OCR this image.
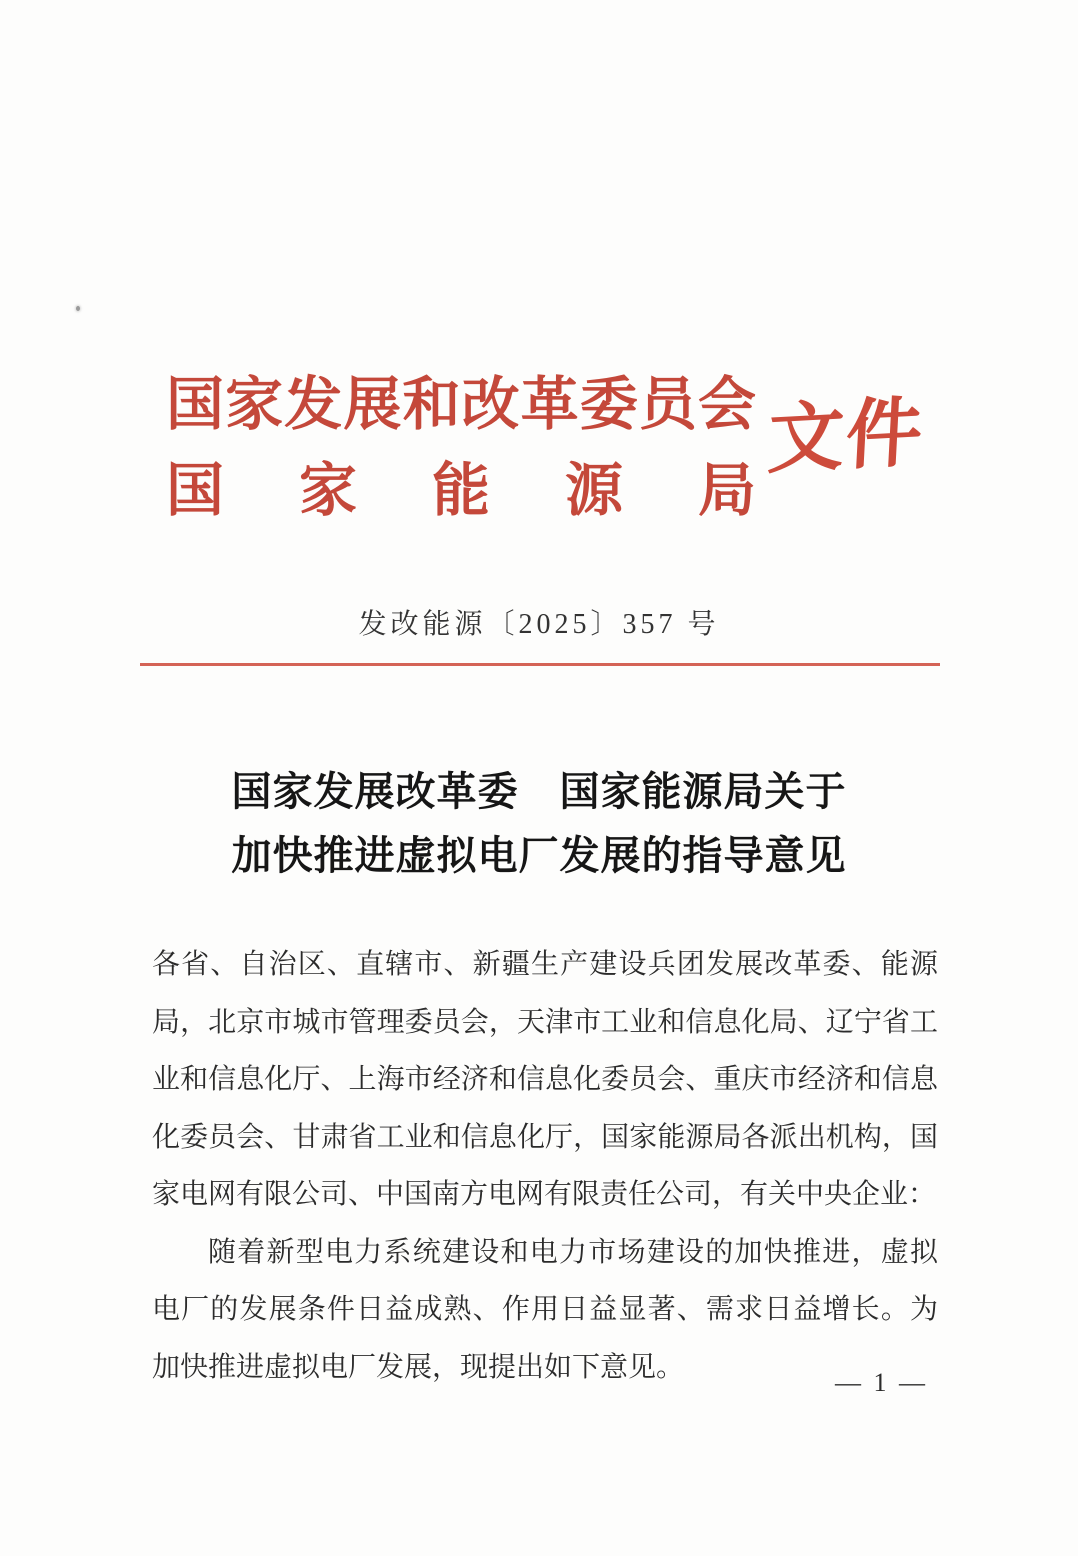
国家发展和改革委员会
国家能源局
文件
发改能源〔2025〕357 号
国家发展改革委　国家能源局关于
加快推进虚拟电厂发展的指导意见
各省、自治区、直辖市、新疆生产建设兵团发展改革委、能源
局，北京市城市管理委员会，天津市工业和信息化局、辽宁省工
业和信息化厅、上海市经济和信息化委员会、重庆市经济和信息
化委员会、甘肃省工业和信息化厅，国家能源局各派出机构，国
家电网有限公司、中国南方电网有限责任公司，有关中央企业：
随着新型电力系统建设和电力市场建设的加快推进，虚拟
电厂的发展条件日益成熟、作用日益显著、需求日益增长。为
加快推进虚拟电厂发展，现提出如下意见。	— 1 —
